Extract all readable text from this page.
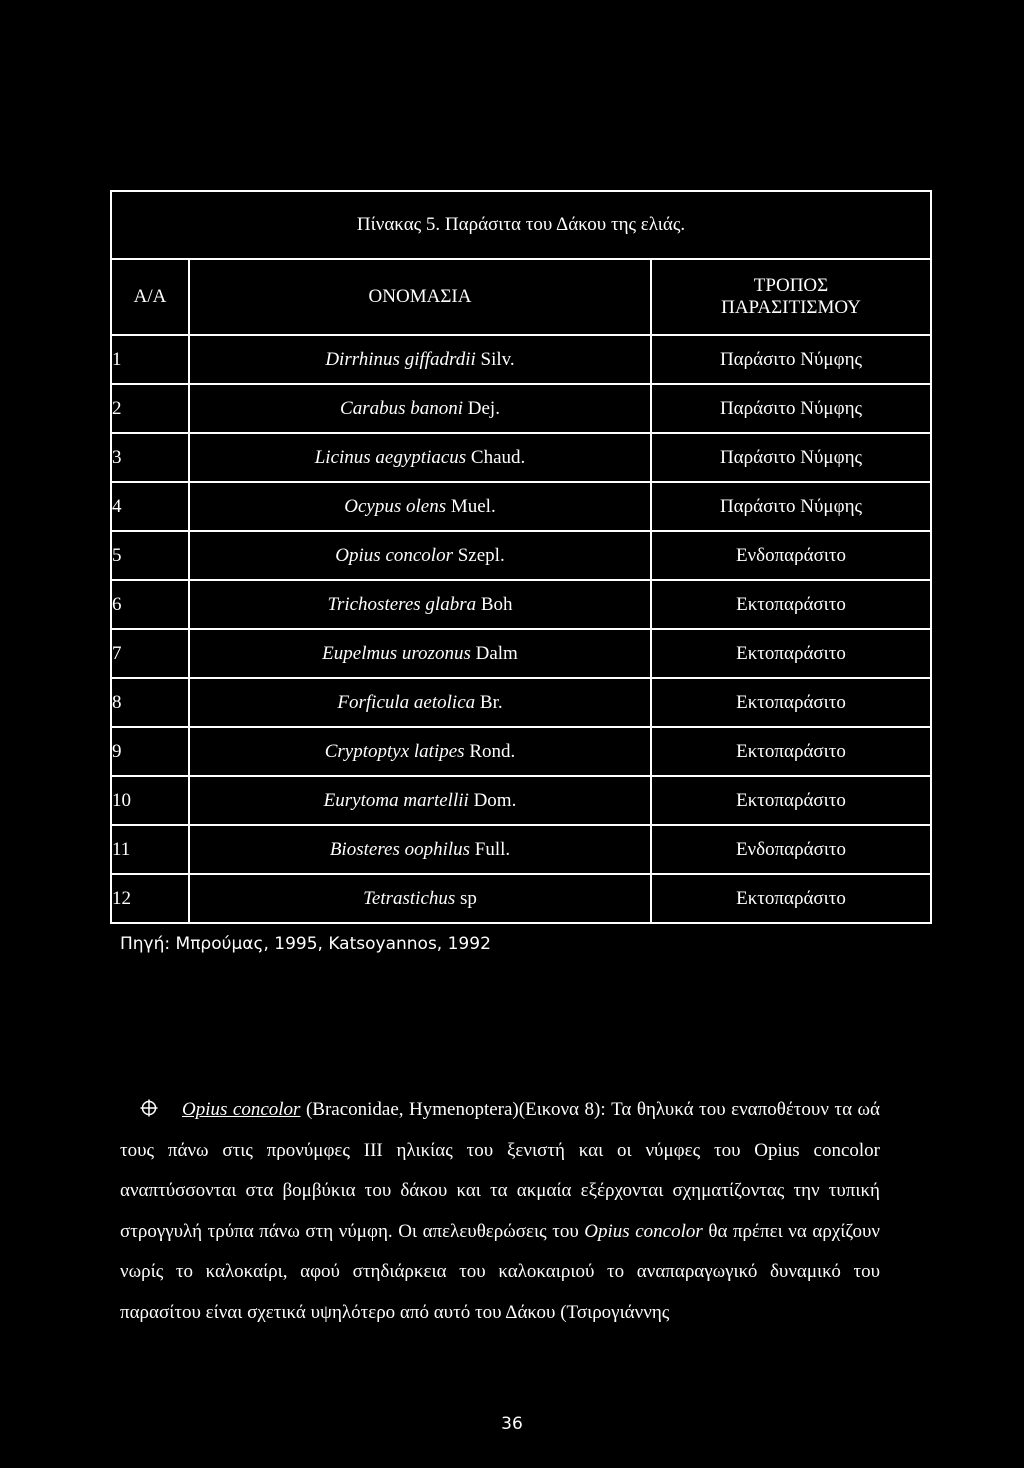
Πίνακας 5. Παράσιτα του Δάκου της ελιάς.		
Α/Α	ΟΝΟΜΑΣΙΑ	ΤΡΟΠΟΣ
ΠΑΡΑΣΙΤΙΣΜΟΥ

1	Dirrhinus giffadrdii Silv.	Παράσιτο Νύμφης
2	Carabus banoni Dej.	Παράσιτο Νύμφης
3	Licinus aegyptiacus Chaud.	Παράσιτο Νύμφης
4	Ocypus olens Muel.	Παράσιτο Νύμφης
5	Opius concolor Szepl.	Ενδοπαράσιτο
6	Trichosteres glabra Boh	Εκτοπαράσιτο
7	Eupelmus urozonus Dalm	Εκτοπαράσιτο
8	Forficula aetolica Br.	Εκτοπαράσιτο
9	Cryptoptyx latipes Rond.	Εκτοπαράσιτο
10	Eurytoma martellii Dom.	Εκτοπαράσιτο
11	Biosteres oophilus Full.	Ενδοπαράσιτο
12	Tetrastichus sp	Εκτοπαράσιτο
Πηγή: Μπρούμας, 1995, Katsoyannos, 1992
Opius concolor (Braconidae, Hymenoptera)(Εικονα 8): Τα θηλυκά του εναποθέτουν τα ωά τους πάνω στις προνύμφες ΙΙΙ ηλικίας του ξενιστή και οι νύμφες του Opius concolor αναπτύσσονται στα βομβύκια του δάκου και τα ακμαία εξέρχονται σχηματίζοντας την τυπική στρογγυλή τρύπα πάνω στη νύμφη. Οι απελευθερώσεις του Opius concolor θα πρέπει να αρχίζουν νωρίς το καλοκαίρι, αφού στηδιάρκεια του καλοκαιριού το αναπαραγωγικό δυναμικό του παρασίτου είναι σχετικά υψηλότερο από αυτό του Δάκου (Τσιρογιάννης
36
